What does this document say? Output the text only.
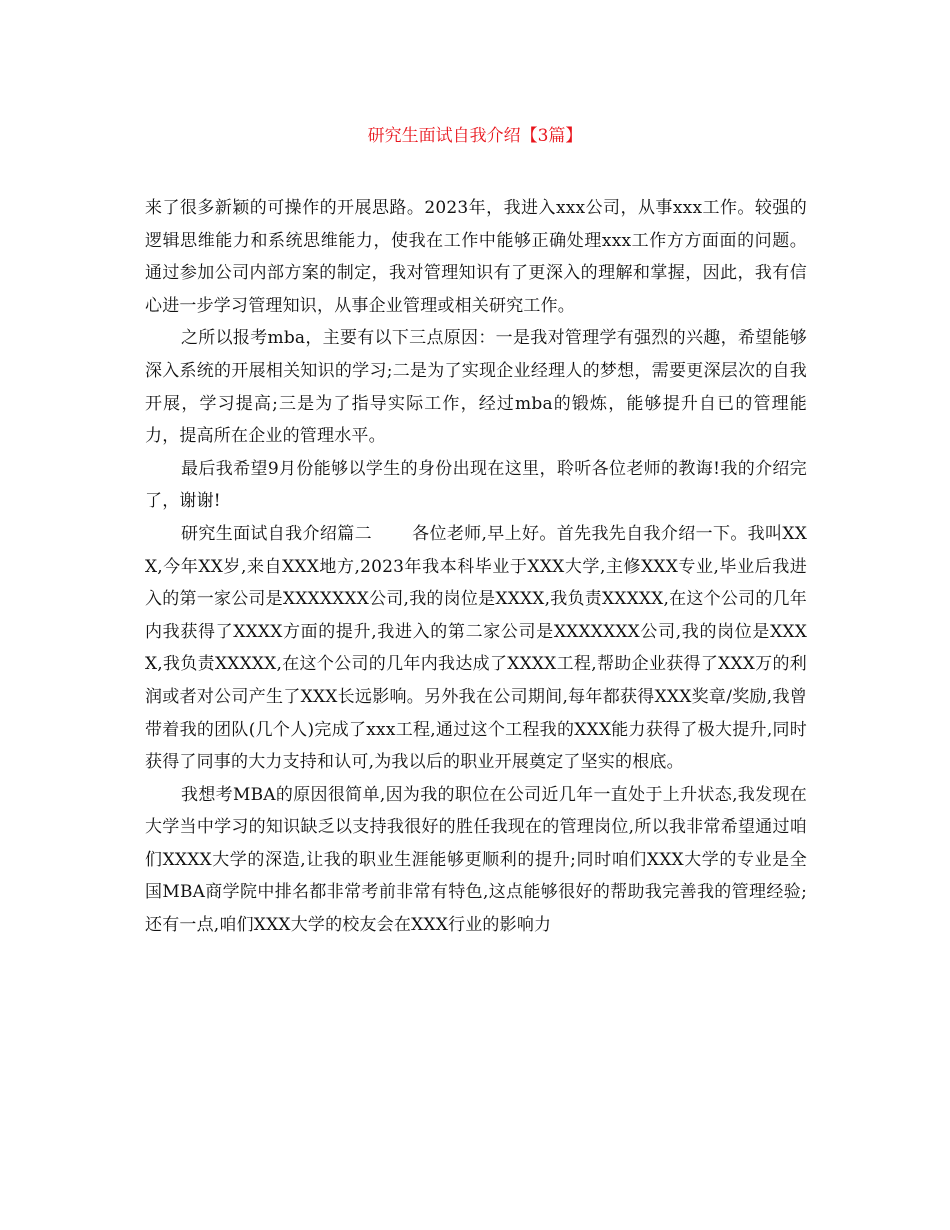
研究生面试自我介绍【3篇】

来了很多新颖的可操作的开展思路。2023年，我进入xxx公司，从事xxx工作。较强的逻辑思维能力和系统思维能力，使我在工作中能够正确处理xxx工作方方面面的问题。通过参加公司内部方案的制定，我对管理知识有了更深入的理解和掌握，因此，我有信心进一步学习管理知识，从事企业管理或相关研究工作。

之所以报考mba，主要有以下三点原因：一是我对管理学有强烈的兴趣，希望能够深入系统的开展相关知识的学习;二是为了实现企业经理人的梦想，需要更深层次的自我开展，学习提高;三是为了指导实际工作，经过mba的锻炼，能够提升自已的管理能力，提高所在企业的管理水平。

最后我希望9月份能够以学生的身份出现在这里，聆听各位老师的教诲!我的介绍完了，谢谢!

研究生面试自我介绍篇二 各位老师,早上好。首先我先自我介绍一下。我叫XXX,今年XX岁,来自XXX地方,2023年我本科毕业于XXX大学,主修XXX专业,毕业后我进入的第一家公司是XXXXXXX公司,我的岗位是XXXX,我负责XXXXX,在这个公司的几年内我获得了XXXX方面的提升,我进入的第二家公司是XXXXXXX公司,我的岗位是XXXX,我负责XXXXX,在这个公司的几年内我达成了XXXX工程,帮助企业获得了XXX万的利润或者对公司产生了XXX长远影响。另外我在公司期间,每年都获得XXX奖章/奖励,我曾带着我的团队(几个人)完成了xxx工程,通过这个工程我的XXX能力获得了极大提升,同时获得了同事的大力支持和认可,为我以后的职业开展奠定了坚实的根底。

我想考MBA的原因很简单,因为我的职位在公司近几年一直处于上升状态,我发现在大学当中学习的知识缺乏以支持我很好的胜任我现在的管理岗位,所以我非常希望通过咱们XXXX大学的深造,让我的职业生涯能够更顺利的提升;同时咱们XXX大学的专业是全国MBA商学院中排名都非常考前非常有特色,这点能够很好的帮助我完善我的管理经验;还有一点,咱们XXX大学的校友会在XXX行业的影响力
